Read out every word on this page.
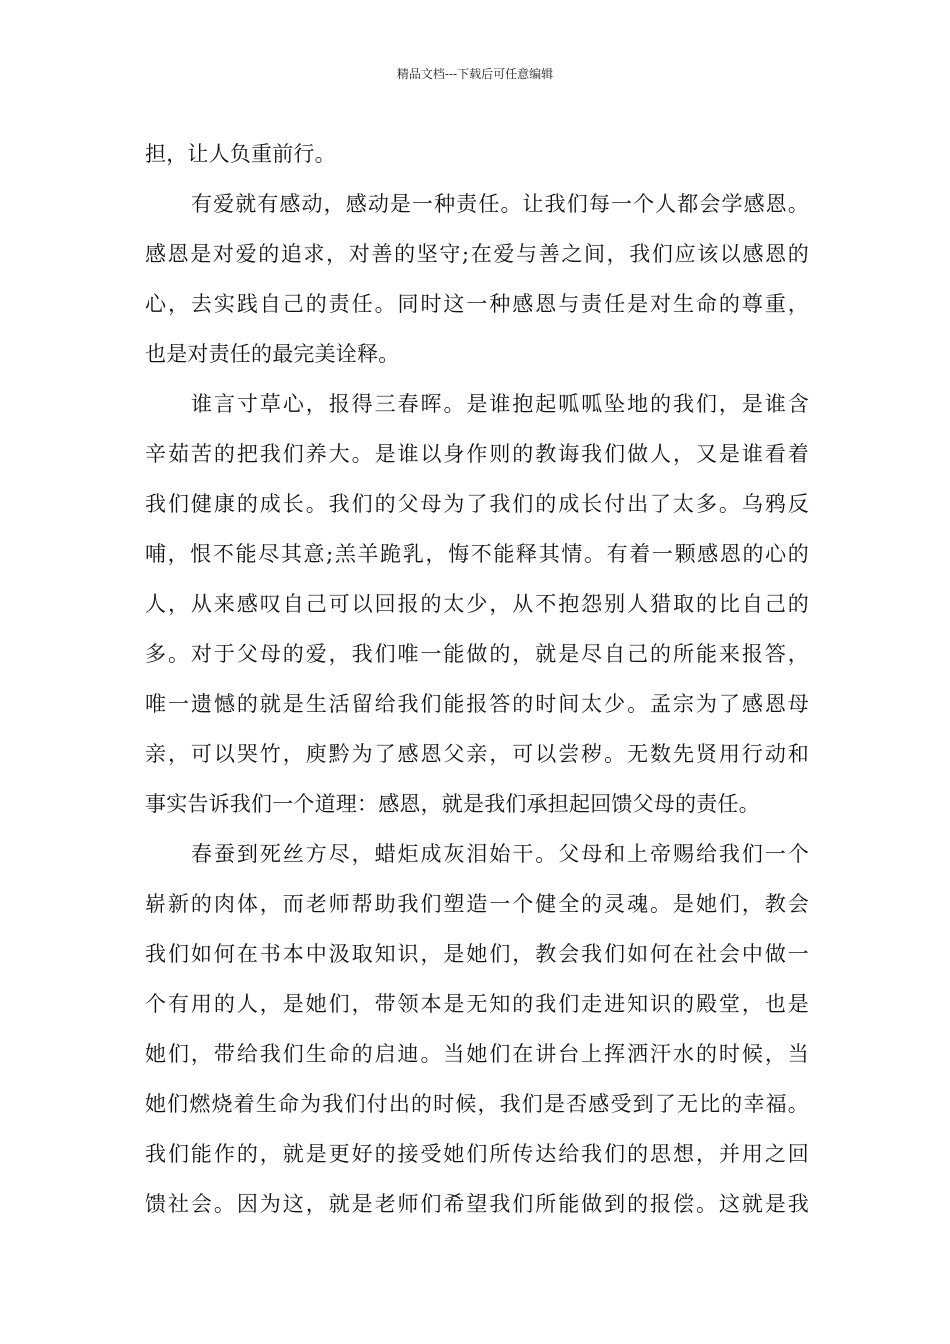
精品文档---下载后可任意编辑
担，让人负重前行。
有爱就有感动，感动是一种责任。让我们每一个人都会学感恩。
感恩是对爱的追求，对善的坚守;在爱与善之间，我们应该以感恩的
心，去实践自己的责任。同时这一种感恩与责任是对生命的尊重，
也是对责任的最完美诠释。
谁言寸草心，报得三春晖。是谁抱起呱呱坠地的我们，是谁含
辛茹苦的把我们养大。是谁以身作则的教诲我们做人，又是谁看着
我们健康的成长。我们的父母为了我们的成长付出了太多。乌鸦反
哺，恨不能尽其意;羔羊跪乳，悔不能释其情。有着一颗感恩的心的
人，从来感叹自己可以回报的太少，从不抱怨别人猎取的比自己的
多。对于父母的爱，我们唯一能做的，就是尽自己的所能来报答，
唯一遗憾的就是生活留给我们能报答的时间太少。孟宗为了感恩母
亲，可以哭竹，庾黔为了感恩父亲，可以尝秽。无数先贤用行动和
事实告诉我们一个道理：感恩，就是我们承担起回馈父母的责任。
春蚕到死丝方尽，蜡炬成灰泪始干。父母和上帝赐给我们一个
崭新的肉体，而老师帮助我们塑造一个健全的灵魂。是她们，教会
我们如何在书本中汲取知识，是她们，教会我们如何在社会中做一
个有用的人，是她们，带领本是无知的我们走进知识的殿堂，也是
她们，带给我们生命的启迪。当她们在讲台上挥洒汗水的时候，当
她们燃烧着生命为我们付出的时候，我们是否感受到了无比的幸福。
我们能作的，就是更好的接受她们所传达给我们的思想，并用之回
馈社会。因为这，就是老师们希望我们所能做到的报偿。这就是我
